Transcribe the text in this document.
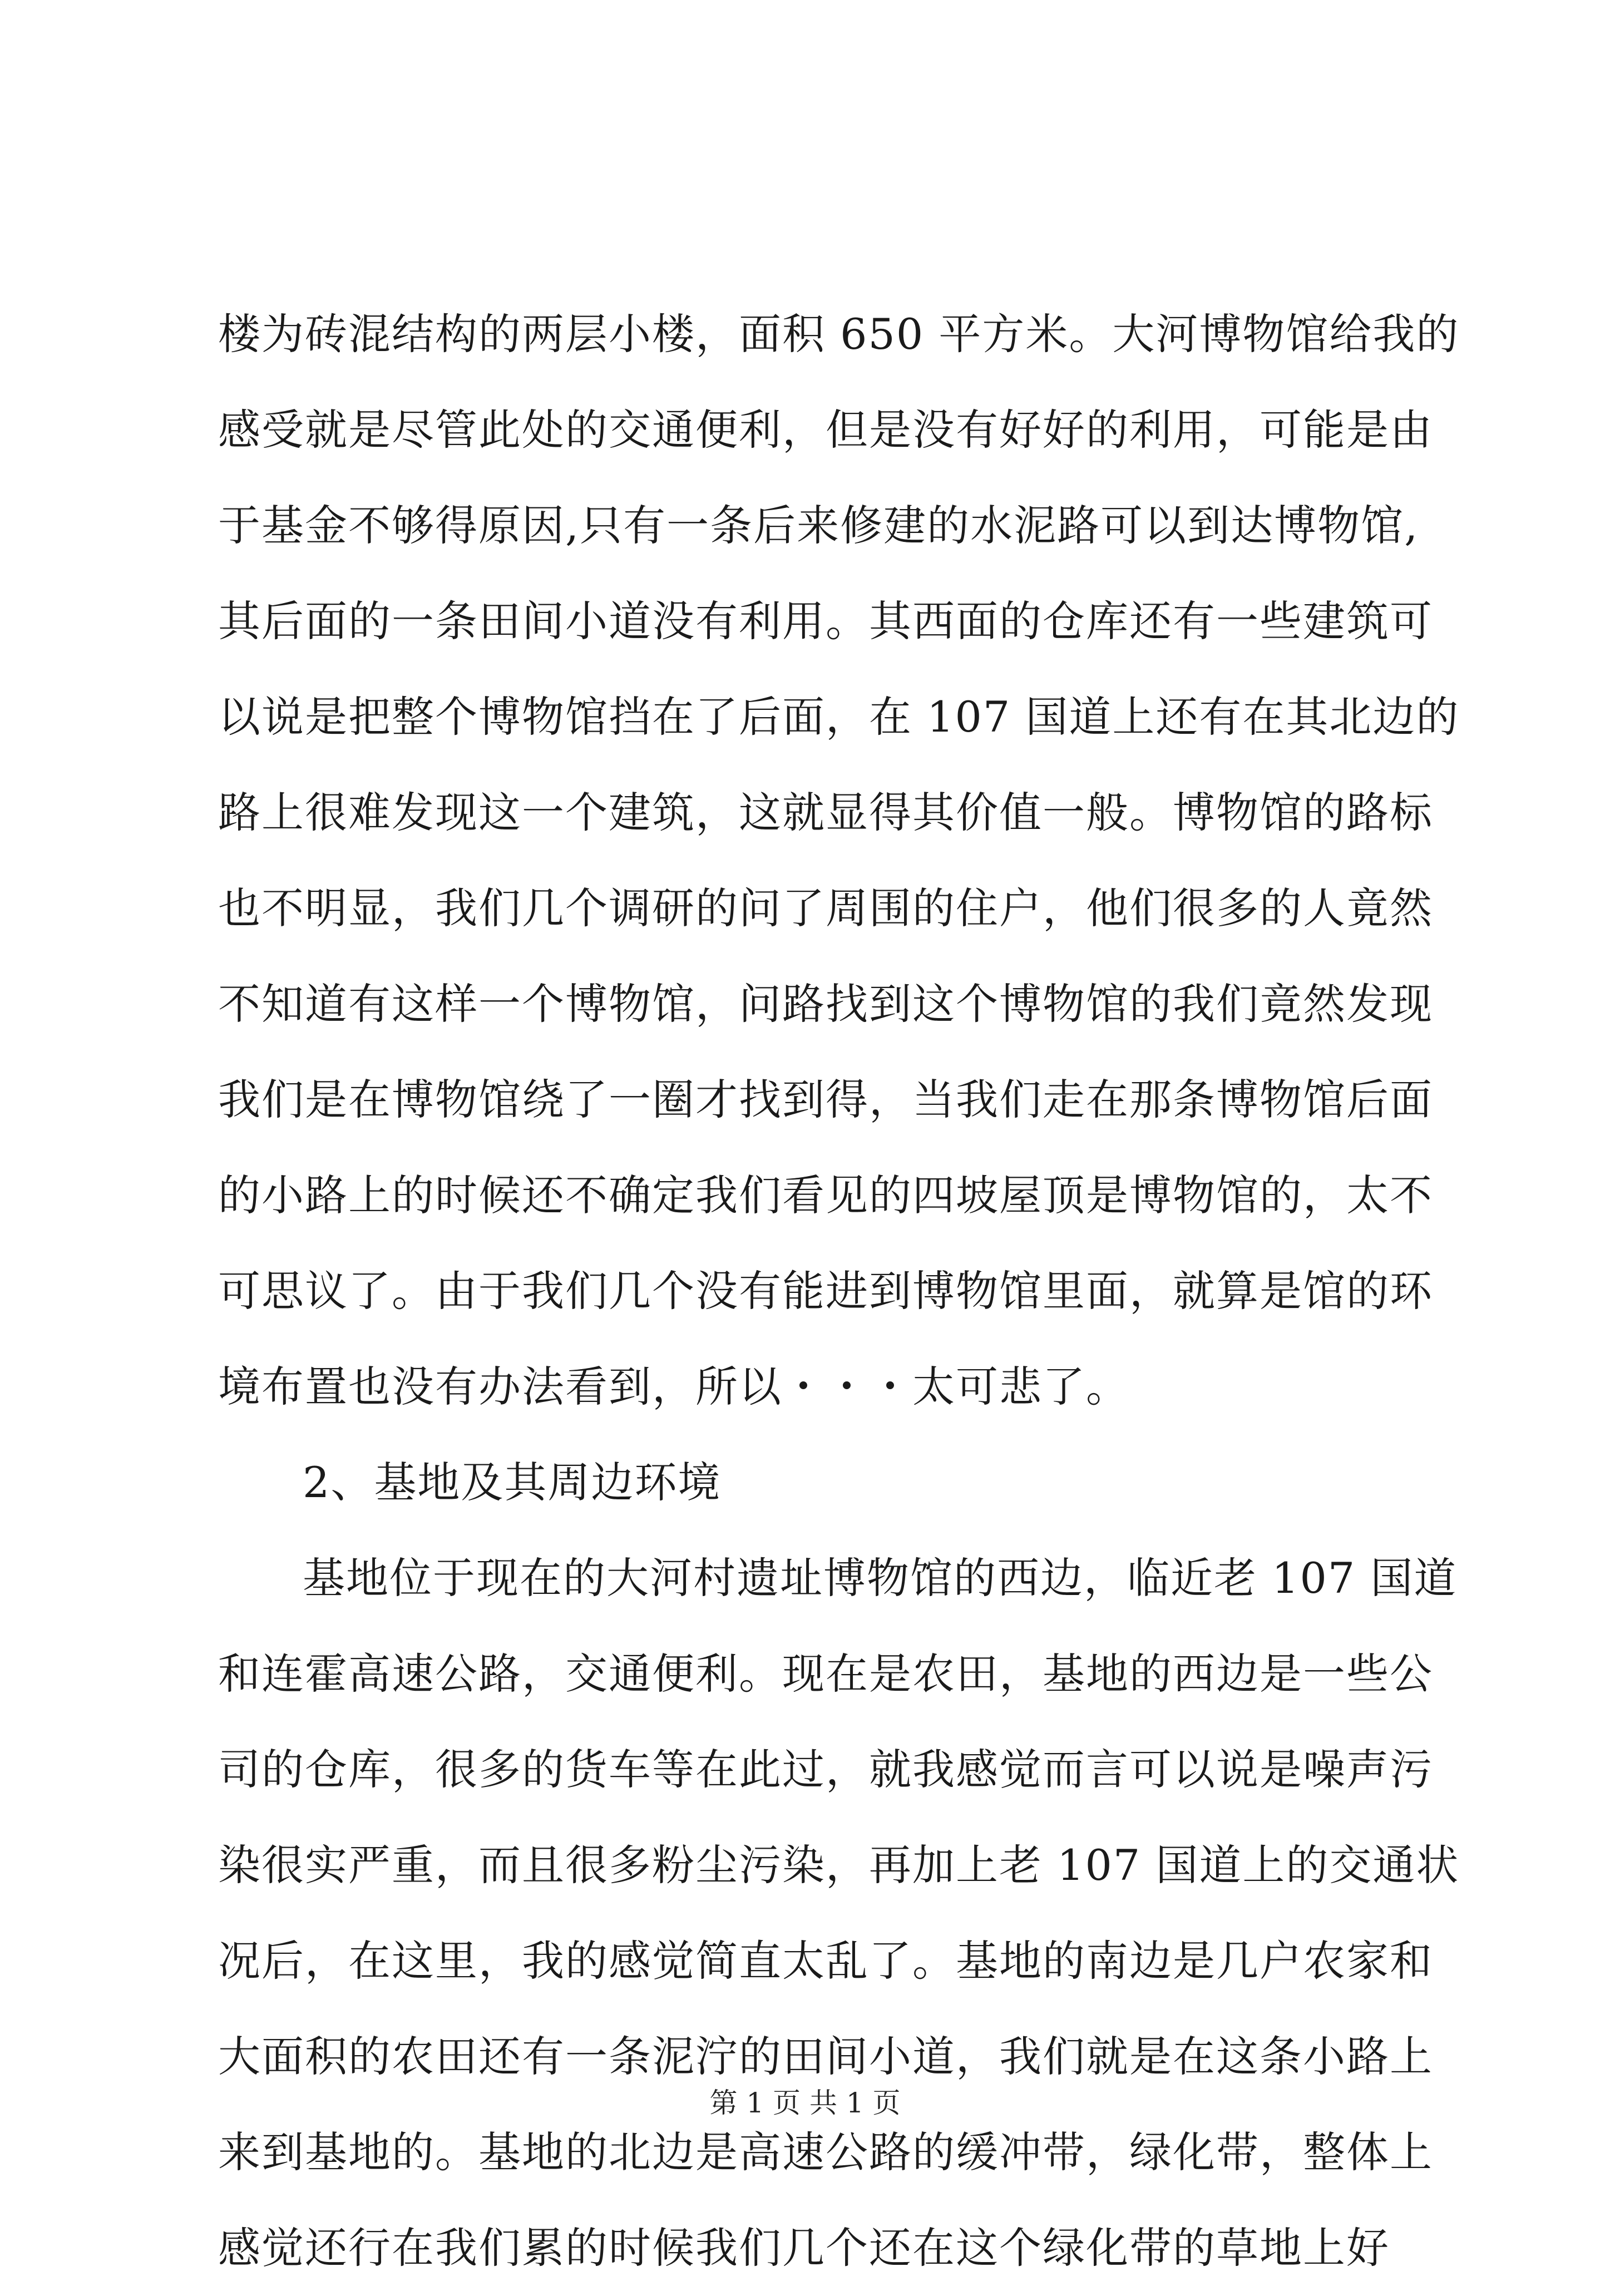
楼为砖混结构的两层小楼，面积 650 平方米。大河博物馆给我的
感受就是尽管此处的交通便利，但是没有好好的利用，可能是由
于基金不够得原因,只有一条后来修建的水泥路可以到达博物馆,
其后面的一条田间小道没有利用。其西面的仓库还有一些建筑可
以说是把整个博物馆挡在了后面，在 107 国道上还有在其北边的
路上很难发现这一个建筑，这就显得其价值一般。博物馆的路标
也不明显，我们几个调研的问了周围的住户，他们很多的人竟然
不知道有这样一个博物馆，问路找到这个博物馆的我们竟然发现
我们是在博物馆绕了一圈才找到得，当我们走在那条博物馆后面
的小路上的时候还不确定我们看见的四坡屋顶是博物馆的，太不
可思议了。由于我们几个没有能进到博物馆里面，就算是馆的环
境布置也没有办法看到，所以・・・太可悲了。
2、基地及其周边环境
基地位于现在的大河村遗址博物馆的西边，临近老 107 国道
和连霍高速公路，交通便利。现在是农田，基地的西边是一些公
司的仓库，很多的货车等在此过，就我感觉而言可以说是噪声污
染很实严重，而且很多粉尘污染，再加上老 107 国道上的交通状
况后，在这里，我的感觉简直太乱了。基地的南边是几户农家和
大面积的农田还有一条泥泞的田间小道，我们就是在这条小路上
来到基地的。基地的北边是高速公路的缓冲带，绿化带，整体上
感觉还行在我们累的时候我们几个还在这个绿化带的草地上好
第 1 页 共 1 页
